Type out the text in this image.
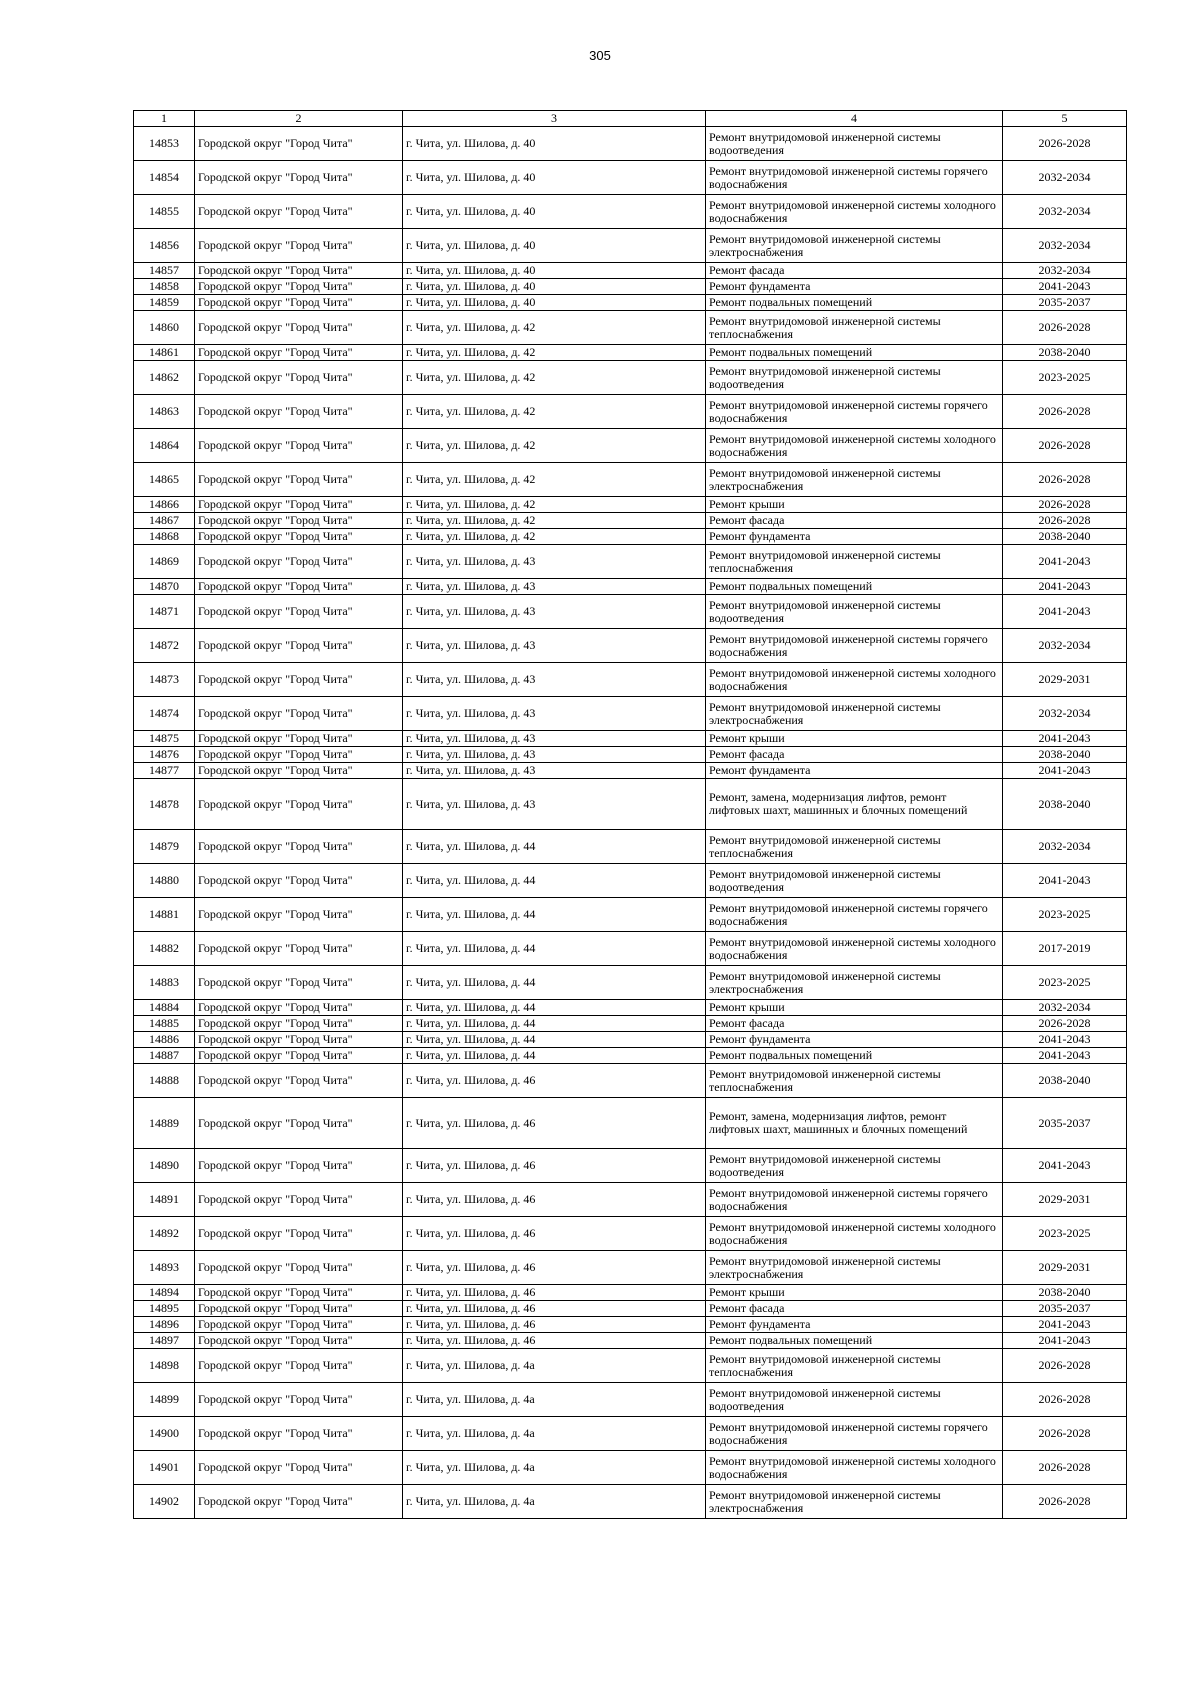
305
1	2	3	4	5
14853	Городской округ "Город Чита"	г. Чита, ул. Шилова, д. 40	Ремонт внутридомовой инженерной системы водоотведения	2026-2028
14854	Городской округ "Город Чита"	г. Чита, ул. Шилова, д. 40	Ремонт внутридомовой инженерной системы горячего водоснабжения	2032-2034
14855	Городской округ "Город Чита"	г. Чита, ул. Шилова, д. 40	Ремонт внутридомовой инженерной системы холодного водоснабжения	2032-2034
14856	Городской округ "Город Чита"	г. Чита, ул. Шилова, д. 40	Ремонт внутридомовой инженерной системы электроснабжения	2032-2034
14857	Городской округ "Город Чита"	г. Чита, ул. Шилова, д. 40	Ремонт фасада	2032-2034
14858	Городской округ "Город Чита"	г. Чита, ул. Шилова, д. 40	Ремонт фундамента	2041-2043
14859	Городской округ "Город Чита"	г. Чита, ул. Шилова, д. 40	Ремонт подвальных помещений	2035-2037
14860	Городской округ "Город Чита"	г. Чита, ул. Шилова, д. 42	Ремонт внутридомовой инженерной системы теплоснабжения	2026-2028
14861	Городской округ "Город Чита"	г. Чита, ул. Шилова, д. 42	Ремонт подвальных помещений	2038-2040
14862	Городской округ "Город Чита"	г. Чита, ул. Шилова, д. 42	Ремонт внутридомовой инженерной системы водоотведения	2023-2025
14863	Городской округ "Город Чита"	г. Чита, ул. Шилова, д. 42	Ремонт внутридомовой инженерной системы горячего водоснабжения	2026-2028
14864	Городской округ "Город Чита"	г. Чита, ул. Шилова, д. 42	Ремонт внутридомовой инженерной системы холодного водоснабжения	2026-2028
14865	Городской округ "Город Чита"	г. Чита, ул. Шилова, д. 42	Ремонт внутридомовой инженерной системы электроснабжения	2026-2028
14866	Городской округ "Город Чита"	г. Чита, ул. Шилова, д. 42	Ремонт крыши	2026-2028
14867	Городской округ "Город Чита"	г. Чита, ул. Шилова, д. 42	Ремонт фасада	2026-2028
14868	Городской округ "Город Чита"	г. Чита, ул. Шилова, д. 42	Ремонт фундамента	2038-2040
14869	Городской округ "Город Чита"	г. Чита, ул. Шилова, д. 43	Ремонт внутридомовой инженерной системы теплоснабжения	2041-2043
14870	Городской округ "Город Чита"	г. Чита, ул. Шилова, д. 43	Ремонт подвальных помещений	2041-2043
14871	Городской округ "Город Чита"	г. Чита, ул. Шилова, д. 43	Ремонт внутридомовой инженерной системы водоотведения	2041-2043
14872	Городской округ "Город Чита"	г. Чита, ул. Шилова, д. 43	Ремонт внутридомовой инженерной системы горячего водоснабжения	2032-2034
14873	Городской округ "Город Чита"	г. Чита, ул. Шилова, д. 43	Ремонт внутридомовой инженерной системы холодного водоснабжения	2029-2031
14874	Городской округ "Город Чита"	г. Чита, ул. Шилова, д. 43	Ремонт внутридомовой инженерной системы электроснабжения	2032-2034
14875	Городской округ "Город Чита"	г. Чита, ул. Шилова, д. 43	Ремонт крыши	2041-2043
14876	Городской округ "Город Чита"	г. Чита, ул. Шилова, д. 43	Ремонт фасада	2038-2040
14877	Городской округ "Город Чита"	г. Чита, ул. Шилова, д. 43	Ремонт фундамента	2041-2043
14878	Городской округ "Город Чита"	г. Чита, ул. Шилова, д. 43	Ремонт, замена, модернизация лифтов, ремонт лифтовых шахт, машинных и блочных помещений	2038-2040
14879	Городской округ "Город Чита"	г. Чита, ул. Шилова, д. 44	Ремонт внутридомовой инженерной системы теплоснабжения	2032-2034
14880	Городской округ "Город Чита"	г. Чита, ул. Шилова, д. 44	Ремонт внутридомовой инженерной системы водоотведения	2041-2043
14881	Городской округ "Город Чита"	г. Чита, ул. Шилова, д. 44	Ремонт внутридомовой инженерной системы горячего водоснабжения	2023-2025
14882	Городской округ "Город Чита"	г. Чита, ул. Шилова, д. 44	Ремонт внутридомовой инженерной системы холодного водоснабжения	2017-2019
14883	Городской округ "Город Чита"	г. Чита, ул. Шилова, д. 44	Ремонт внутридомовой инженерной системы электроснабжения	2023-2025
14884	Городской округ "Город Чита"	г. Чита, ул. Шилова, д. 44	Ремонт крыши	2032-2034
14885	Городской округ "Город Чита"	г. Чита, ул. Шилова, д. 44	Ремонт фасада	2026-2028
14886	Городской округ "Город Чита"	г. Чита, ул. Шилова, д. 44	Ремонт фундамента	2041-2043
14887	Городской округ "Город Чита"	г. Чита, ул. Шилова, д. 44	Ремонт подвальных помещений	2041-2043
14888	Городской округ "Город Чита"	г. Чита, ул. Шилова, д. 46	Ремонт внутридомовой инженерной системы теплоснабжения	2038-2040
14889	Городской округ "Город Чита"	г. Чита, ул. Шилова, д. 46	Ремонт, замена, модернизация лифтов, ремонт лифтовых шахт, машинных и блочных помещений	2035-2037
14890	Городской округ "Город Чита"	г. Чита, ул. Шилова, д. 46	Ремонт внутридомовой инженерной системы водоотведения	2041-2043
14891	Городской округ "Город Чита"	г. Чита, ул. Шилова, д. 46	Ремонт внутридомовой инженерной системы горячего водоснабжения	2029-2031
14892	Городской округ "Город Чита"	г. Чита, ул. Шилова, д. 46	Ремонт внутридомовой инженерной системы холодного водоснабжения	2023-2025
14893	Городской округ "Город Чита"	г. Чита, ул. Шилова, д. 46	Ремонт внутридомовой инженерной системы электроснабжения	2029-2031
14894	Городской округ "Город Чита"	г. Чита, ул. Шилова, д. 46	Ремонт крыши	2038-2040
14895	Городской округ "Город Чита"	г. Чита, ул. Шилова, д. 46	Ремонт фасада	2035-2037
14896	Городской округ "Город Чита"	г. Чита, ул. Шилова, д. 46	Ремонт фундамента	2041-2043
14897	Городской округ "Город Чита"	г. Чита, ул. Шилова, д. 46	Ремонт подвальных помещений	2041-2043
14898	Городской округ "Город Чита"	г. Чита, ул. Шилова, д. 4а	Ремонт внутридомовой инженерной системы теплоснабжения	2026-2028
14899	Городской округ "Город Чита"	г. Чита, ул. Шилова, д. 4а	Ремонт внутридомовой инженерной системы водоотведения	2026-2028
14900	Городской округ "Город Чита"	г. Чита, ул. Шилова, д. 4а	Ремонт внутридомовой инженерной системы горячего водоснабжения	2026-2028
14901	Городской округ "Город Чита"	г. Чита, ул. Шилова, д. 4а	Ремонт внутридомовой инженерной системы холодного водоснабжения	2026-2028
14902	Городской округ "Город Чита"	г. Чита, ул. Шилова, д. 4а	Ремонт внутридомовой инженерной системы электроснабжения	2026-2028
